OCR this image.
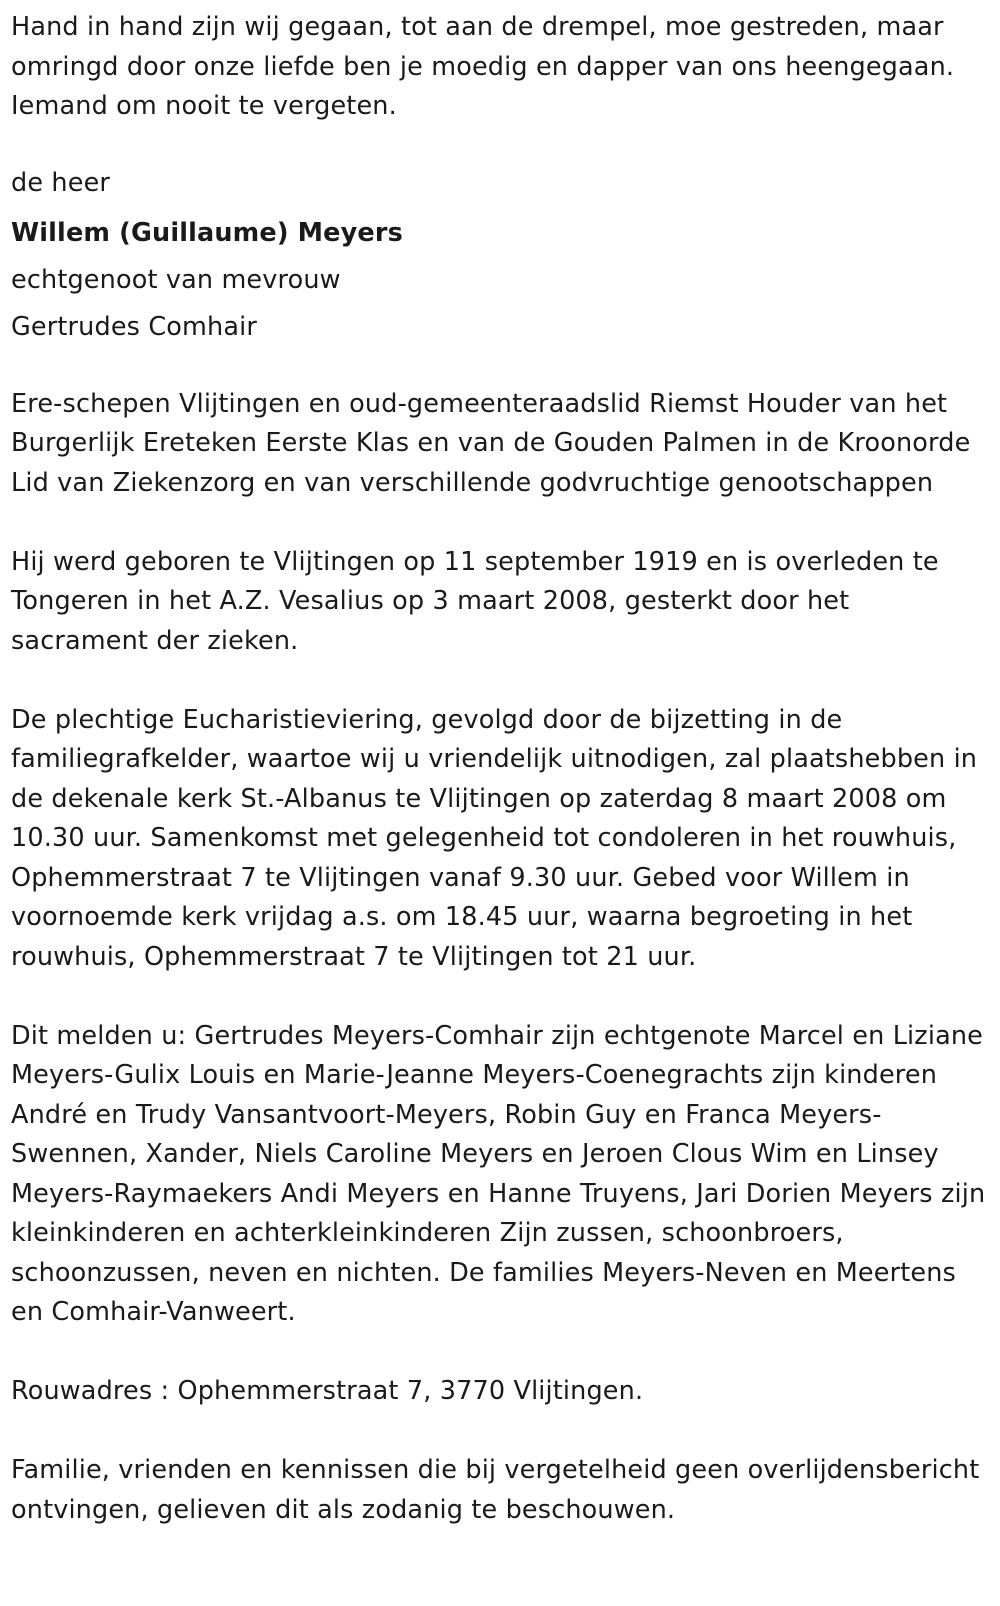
Hand in hand zijn wij gegaan, tot aan de drempel, moe gestreden, maar omringd door onze liefde ben je moedig en dapper van ons heengegaan. Iemand om nooit te vergeten.

de heer
Willem (Guillaume) Meyers
echtgenoot van mevrouw
Gertrudes Comhair

Ere-schepen Vlijtingen en oud-gemeenteraadslid Riemst Houder van het Burgerlijk Ereteken Eerste Klas en van de Gouden Palmen in de Kroonorde Lid van Ziekenzorg en van verschillende godvruchtige genootschappen

Hij werd geboren te Vlijtingen op 11 september 1919 en is overleden te Tongeren in het A.Z. Vesalius op 3 maart 2008, gesterkt door het sacrament der zieken.

De plechtige Eucharistieviering, gevolgd door de bijzetting in de familiegrafkelder, waartoe wij u vriendelijk uitnodigen, zal plaatshebben in de dekenale kerk St.-Albanus te Vlijtingen op zaterdag 8 maart 2008 om 10.30 uur. Samenkomst met gelegenheid tot condoleren in het rouwhuis, Ophemmerstraat 7 te Vlijtingen vanaf 9.30 uur. Gebed voor Willem in voornoemde kerk vrijdag a.s. om 18.45 uur, waarna begroeting in het rouwhuis, Ophemmerstraat 7 te Vlijtingen tot 21 uur.

Dit melden u: Gertrudes Meyers-Comhair zijn echtgenote Marcel en Liziane Meyers-Gulix Louis en Marie-Jeanne Meyers-Coenegrachts zijn kinderen André en Trudy Vansantvoort-Meyers, Robin Guy en Franca Meyers-Swennen, Xander, Niels Caroline Meyers en Jeroen Clous Wim en Linsey Meyers-Raymaekers Andi Meyers en Hanne Truyens, Jari Dorien Meyers zijn kleinkinderen en achterkleinkinderen Zijn zussen, schoonbroers, schoonzussen, neven en nichten. De families Meyers-Neven en Meertens en Comhair-Vanweert.

Rouwadres : Ophemmerstraat 7, 3770 Vlijtingen.

Familie, vrienden en kennissen die bij vergetelheid geen overlijdensbericht ontvingen, gelieven dit als zodanig te beschouwen.
